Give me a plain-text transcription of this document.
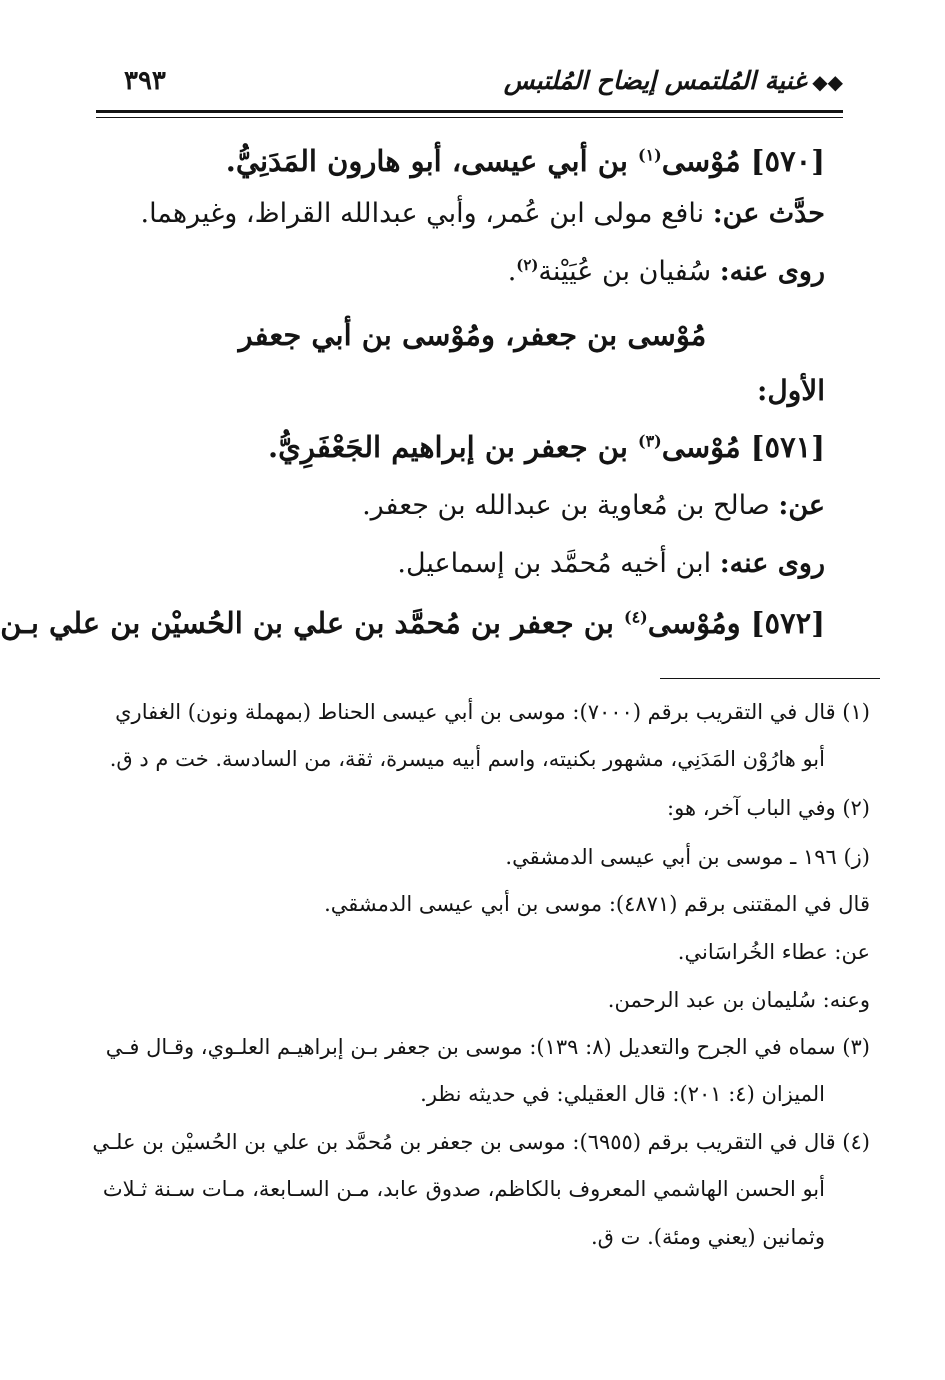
◆◆غنية المُلتمس إيضاح المُلتبس
٣٩٣
[٥٧٠] مُوْسى$^{(١)}$ بن أبي عيسى، أبو هارون المَدَنِيُّ.
حدَّث عن: نافع مولى ابن عُمر، وأبي عبدالله القراظ، وغيرهما.
روى عنه: سُفيان بن عُيَيْنة$^{(٢)}$.
مُوْسى بن جعفر، ومُوْسى بن أبي جعفر
الأول:
[٥٧١] مُوْسى$^{(٣)}$ بن جعفر بن إبراهيم الجَعْفَرِيُّ.
عن: صالح بن مُعاوية بن عبدالله بن جعفر.
روى عنه: ابن أخيه مُحمَّد بن إسماعيل.
[٥٧٢] ومُوْسى$^{(٤)}$ بن جعفر بن مُحمَّد بن علي بن الحُسيْن بن علي بـن
(١) قال في التقريب برقم (٧٠٠٠): موسى بن أبي عيسى الحناط (بمهملة ونون) الغفاري
أبو هارُوْن المَدَنِي، مشهور بكنيته، واسم أبيه ميسرة، ثقة، من السادسة. خت م د ق.
(٢) وفي الباب آخر، هو:
(ز) ١٩٦ ـ موسى بن أبي عيسى الدمشقي.
قال في المقتنى برقم (٤٨٧١): موسى بن أبي عيسى الدمشقي.
عن: عطاء الخُراسَاني.
وعنه: سُليمان بن عبد الرحمن.
(٣) سماه في الجرح والتعديل (٨: ١٣٩): موسى بن جعفر بـن إبراهيـم العلـوي، وقـال فـي
الميزان (٤: ٢٠١): قال العقيلي: في حديثه نظر.
(٤) قال في التقريب برقم (٦٩٥٥): موسى بن جعفر بن مُحمَّد بن علي بن الحُسيْن بن علـي
أبو الحسن الهاشمي المعروف بالكاظم، صدوق عابد، مـن السـابعة، مـات سـنة ثـلاث
وثمانين (يعني ومئة). ت ق.
